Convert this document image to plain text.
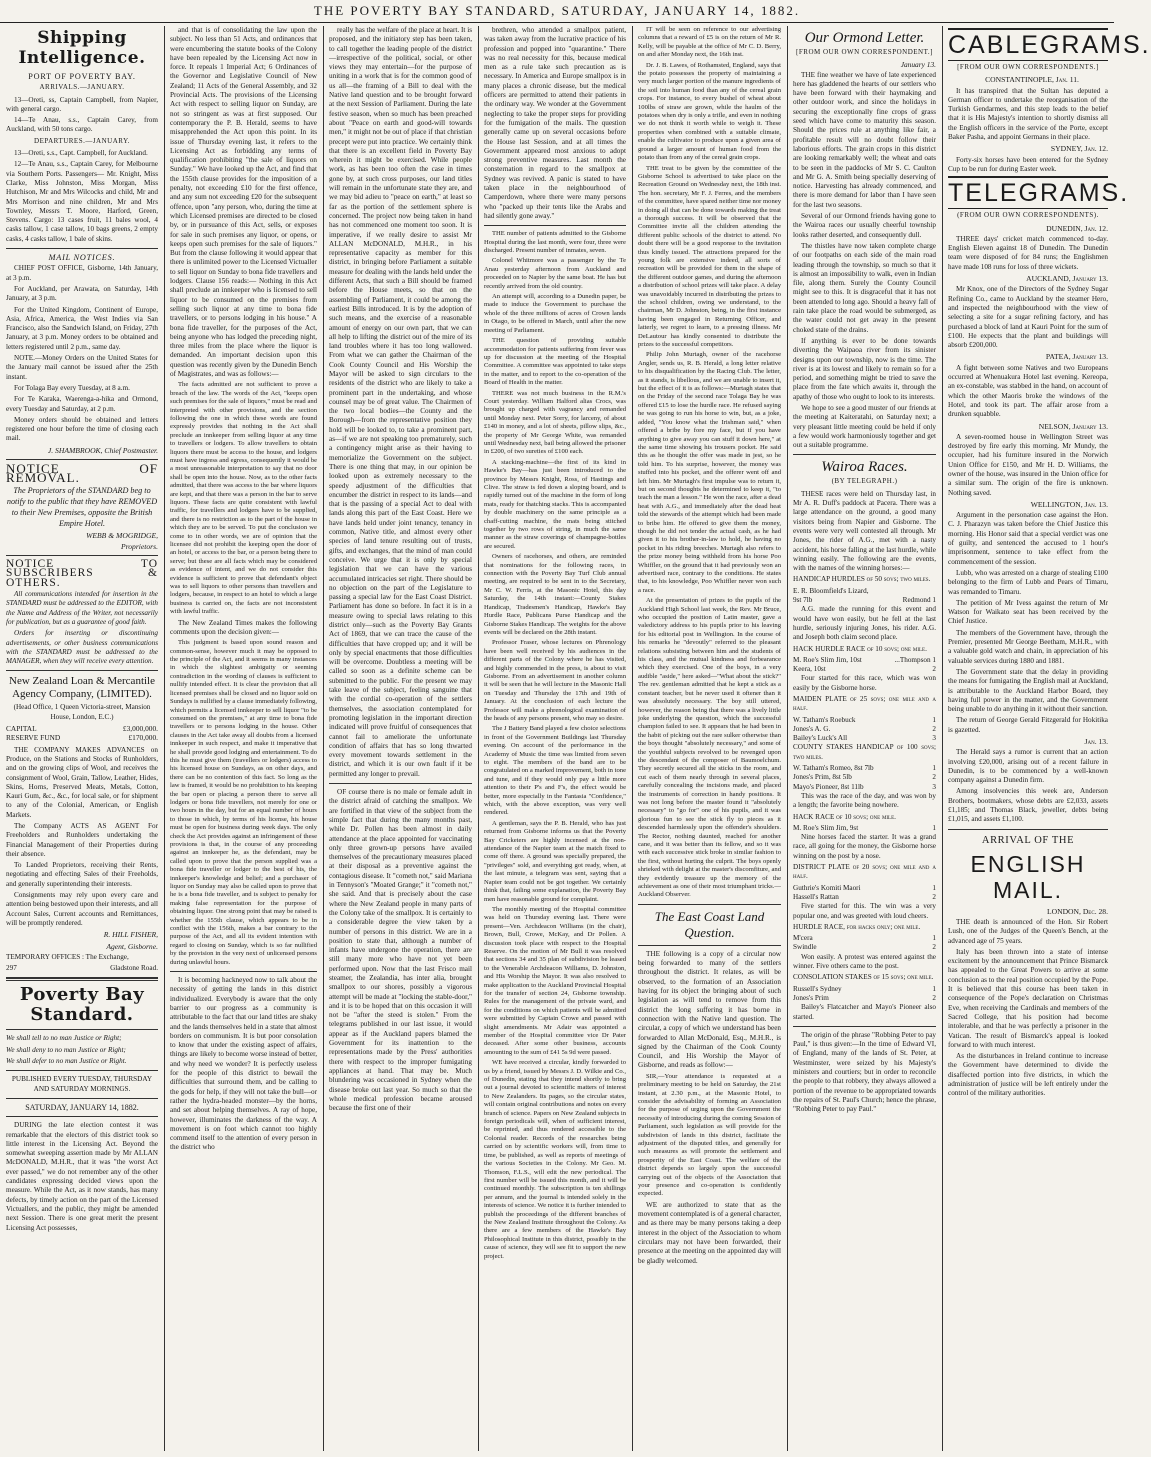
THE POVERTY BAY STANDARD, SATURDAY, JANUARY 14, 1882.
Shipping Intelligence.
PORT OF POVERTY BAY.
ARRIVALS.—JANUARY.

13—Oreti, ss, Captain Campbell, from Napier, with general cargo.

14—Te Anau, s.s., Captain Carey, from Auckland, with 50 tons cargo.

DEPARTURES.—JANUARY.

13—Oreti, s.s., Capt. Campbell, for Auckland.

12—Te Anau, s.s., Captain Carey, for Melbourne via Southern Ports. Passengers— Mr. Knight, Miss Clarke, Miss Johnston, Miss Morgan, Miss Hutchison, Mr and Mrs Wilcocks and child, Mr and Mrs Morrison and nine children, Mr and Mrs Townley, Messrs T. Moore, Harford, Green, Stevens. Cargo: 13 cases fruit, 11 bales wool, 4 casks tallow, 1 case tallow, 10 bags greens, 2 empty casks, 4 casks tallow, 1 bale of skins.

MAIL NOTICES.

CHIEF POST OFFICE, Gisborne, 14th January, at 3 p.m.

For Auckland, per Arawata, on Saturday, 14th January, at 3 p.m.

For the United Kingdom, Continent of Europe, Asia, Africa, America, the West Indies via San Francisco, also the Sandwich Island, on Friday, 27th January, at 3 p.m. Money orders to be obtained and letters registered until 2 p.m., same day.

NOTE.—Money Orders on the United States for the January mail cannot be issued after the 25th instant.

For Tolaga Bay every Tuesday, at 8 a.m.

For Te Karaka, Waerenga-a-hika and Ormond, every Tuesday and Saturday, at 2 p.m.

Money orders should be obtained and letters registered one hour before the time of closing each mail.

J. SHAMBROOK, Chief Postmaster.
NOTICE OF REMOVAL.
The Proprietors of the STANDARD beg to notify to the public that they have REMOVED to their New Premises, opposite the British Empire Hotel.
WEBB & MOGRIDGE,
Proprietors.
NOTICE TO SUBSCRIBERS & OTHERS.

All communications intended for insertion in the STANDARD must be addressed to the EDITOR, with the Name and Address of the Writer, not necessarily for publication, but as a guarantee of good faith.

Orders for inserting or discontinuing advertisements, or other business communications with the STANDARD must be addressed to the MANAGER, when they will receive every attention.

New Zealand Loan & Mercantile Agency Company, (LIMITED).

(Head Office, 1 Queen Victoria-street, Mansion House, London, E.C.)

CAPITAL	£3,000,000.
RESERVE FUND	£170,000.

THE COMPANY MAKES ADVANCES on Produce, on the Stations and Stocks of Runholders, and on the growing clips of Wool, and receives the consignment of Wool, Grain, Tallow, Leather, Hides, Skins, Horns, Preserved Meats, Metals, Cotton, Kauri Gum, &c., &c., for local sale, or for shipment to any of the Colonial, American, or English Markets.

The Company ACTS AS AGENT For Freeholders and Runholders undertaking the Financial Management of their Properties during their absence.

To Landed Proprietors, receiving their Rents, negotiating and effecting Sales of their Freeholds, and generally superintending their interests.

Consignments may rely upon every care and attention being bestowed upon their interests, and all Account Sales, Current accounts and Remittances, will be promptly rendered.

R. HILL FISHER,
Agent, Gisborne.

TEMPORARY OFFICES : The Exchange,

297	Gladstone Road.
Poverty Bay Standard.

We shall tell to no man Justice or Right;

We shall deny to no man Justice or Right;

We shall defer to no man Justice or Right.

PUBLISHED EVERY TUESDAY, THURSDAY AND SATURDAY MORNINGS.

SATURDAY, JANUARY 14, 1882.

DURING the late election contest it was remarkable that the electors of this district took so little interest in the Licensing Act. Beyond the somewhat sweeping assertion made by Mr ALLAN McDONALD, M.H.R., that it was "the worst Act ever passed," we do not remember any of the other candidates expressing decided views upon the measure. While the Act, as it now stands, has many defects, by timely action on the part of the Licensed Victuallers, and the public, they might be amended next Session. There is one great merit the present Licensing Act possesses,

and that is of consolidating the law upon the subject. No less than 51 Acts, and ordinances that were encumbering the statute books of the Colony have been repealed by the Licensing Act now in force. It repeals 1 Imperial Act; 6 Ordinances of the Governor and Legislative Council of New Zealand; 11 Acts of the General Assembly, and 32 Provincial Acts. The provisions of the Licensing Act with respect to selling liquor on Sunday, are not so stringent as was at first supposed. Our contemporary the P. B. Herald, seems to have misapprehended the Act upon this point. In its issue of Thursday evening last, it refers to the Licensing Act as forbidding any terms of qualification prohibiting "the sale of liquors on Sunday." We have looked up the Act, and find that the 155th clause provides for the imposition of a penalty, not exceeding £10 for the first offence, and any sum not exceeding £20 for the subsequent offence, upon "any person, who, during the time at which Licensed premises are directed to be closed by, or in pursuance of this Act, sells, or exposes for sale in such premises any liquor, or opens, or keeps open such premises for the sale of liquors." But from the clause following it would appear that there is unlimited power to the Licensed Victualler to sell liquor on Sunday to bona fide travellers and lodgers. Clause 156 reads:— Nothing in this Act shall preclude an innkeeper who is licensed to sell liquor to be consumed on the premises from selling such liquor at any time to bona fide travellers, or to persons lodging in his house." A bona fide traveller, for the purposes of the Act, being anyone who has lodged the preceding night, three miles from the place where the liquor is demanded. An important decision upon this question was recently given by the Dunedin Bench of Magistrates, and was as follows:—

The facts admitted are not sufficient to prove a breach of the law. The words of the Act, "keeps open such premises for the sale of liquors," must be read and interpreted with other provisions, and the section following the one in which these words are found expressly provides that nothing in the Act shall preclude an innkeeper from selling liquor at any time to travellers or lodgers. To allow travellers to obtain liquors there must be access to the house, and lodgers must have ingress and egress, consequently it would be a most unreasonable interpretation to say that no door shall be open into the house. Now, as to the other facts admitted, that there was access to the bar where liquors are kept, and that there was a person in the bar to serve liquors. These facts are quite consistent with lawful traffic, for travellers and lodgers have to be supplied, and there is no restriction as to the part of the house in which they are to be served. To put the conclusion we come to in other words, we are of opinion that the licensee did not prohibit the keeping open the door of an hotel, or access to the bar, or a person being there to serve; but these are all facts which may be considered as evidence of intent, and we do not consider this evidence is sufficient to prove that defendant's object was to sell liquors to other persons than travellers and lodgers, because, in respect to an hotel to which a large business is carried on, the facts are not inconsistent with lawful traffic.

The New Zealand Times makes the following comments upon the decision given:—

This judgment is based upon sound reason and common-sense, however much it may be opposed to the principle of the Act, and it seems in many instances in which the slightest ambiguity or seeming contradiction in the wording of clauses is sufficient to nullify intended effect. It is clear the provision that all licensed premises shall be closed and no liquor sold on Sundays is nullified by a clause immediately following, which permits a licensed innkeeper to sell liquor "to be consumed on the premises," at any time to bona fide travellers or to persons lodging in the house. Other clauses in the Act take away all doubts from a licensed innkeeper in such respect, and make it imperative that he shall provide good lodging and entertainment. To do this he must give them (travellers or lodgers) access to his licensed house on Sundays, as on other days, and there can be no contention of this fact. So long as the law is framed, it would be no prohibition to his keeping the bar open or placing a person there to serve all lodgers or bona fide travellers, not merely for one or two hours in the day, but for an equal number of hours to those in which, by terms of his license, his house must be open for business during week days. The only check the Act provides against an infringement of these provisions is that, in the course of any proceeding against an innkeeper he, as the defendant, may be called upon to prove that the person supplied was a bona fide traveller or lodger to the best of his, the innkeeper's knowledge and belief; and a purchaser of liquor on Sunday may also be called upon to prove that he is a bona fide traveller, and is subject to penalty for making false representation for the purpose of obtaining liquor. One strong point that may be raised is whether the 155th clause, which appears to be in conflict with the 156th, makes a bar contrary to the purpose of the Act, and all its evident intention with regard to closing on Sunday, which is so far nullified by the provision in the very next of unlicensed persons during unlawful hours.

It is becoming hackneyed now to talk about the necessity of getting the lands in this district individualized. Everybody is aware that the only barrier to our progress as a community is attributable to the fact that our land titles are shaky and the lands themselves held in a state that almost borders on communism. It is but poor consolation to know that under the existing aspect of affairs, things are likely to become worse instead of better, and why need we wonder? It is perfectly useless for the people of this district to bewail the difficulties that surround them, and be calling to the gods for help, if they will not take the bull—or rather the hydra-headed monster—by the horns, and set about helping themselves. A ray of hope, however, illuminates the darkness of the way. A movement is on foot which cannot too highly commend itself to the attention of every person in the district who

really has the welfare of the place at heart. It is proposed, and the initiatory step has been taken, to call together the leading people of the district—irrespective of the political, social, or other views they may entertain—for the purpose of uniting in a work that is for the common good of us all—the framing of a Bill to deal with the Native land question and to be brought forward at the next Session of Parliament. During the late festive season, when so much has been preached about "Peace on earth and good-will towards men," it might not be out of place if that christian precept were put into practice. We certainly think that there is an excellent field in Poverty Bay wherein it might be exercised. While people work, as has been too often the case in times gone by, at such cross purposes, our land titles will remain in the unfortunate state they are, and we may bid adieu to "peace on earth," at least so far as the portion of the settlement sphere is concerned. The project now being taken in hand has not commenced one moment too soon. It is imperative, if we really desire to assist Mr ALLAN McDONALD, M.H.R., in his representative capacity as member for this district, in bringing before Parliament a suitable measure for dealing with the lands held under the different Acts, that such a Bill should be framed before the House meets, so that on the assembling of Parliament, it could be among the earliest Bills introduced. It is by the adoption of such means, and the exercise of a reasonable amount of energy on our own part, that we can all help to lifting the district out of the mire of its land troubles where it has too long wallowed. From what we can gather the Chairman of the Cook County Council and His Worship the Mayor will be asked to sign circulars to the residents of the district who are likely to take a prominent part in the undertaking, and whose counsel may be of great value. The Chairmen of the two local bodies—the County and the Borough—from the representative position they hold will be looked to, to take a prominent part, as—if we are not speaking too prematurely, such a contingency might arise as their having to memorialize the Government on the subject. There is one thing that may, in our opinion be looked upon as extremely necessary to the speedy adjustment of the difficulties that encumber the district in respect to its lands—and that is the passing of a special Act to deal with lands along this part of the East Coast. Here we have lands held under joint tenancy, tenancy in common, Native title, and almost every other species of land tenure resulting out of trusts, gifts, and exchanges, that the mind of man could conceive. We urge that it is only by special legislation that we can have the various accumulated intricacies set right. There should be no objection on the part of the Legislature to passing a special law for the East Coast District. Parliament has done so before. In fact it is in a measure owing to special laws relating to this district only—such as the Poverty Bay Grants Act of 1869, that we can trace the cause of the difficulties that have cropped up; and it will be only by special enactments that those difficulties will be overcome. Doubtless a meeting will be called so soon as a definite scheme can be submitted to the public. For the present we may take leave of the subject, feeling sanguine that with the cordial co-operation of the settlers themselves, the association contemplated for promoting legislation in the important direction indicated will prove fruitful of consequences that cannot fail to ameliorate the unfortunate condition of affairs that has so long thwarted every movement towards settlement in the district, and which it is our own fault if it be permitted any longer to prevail.

OF course there is no male or female adult in the district afraid of catching the smallpox. We are fortified in that view of the subject from the simple fact that during the many months past, while Dr. Pollen has been almost in daily attendance at the place appointed for vaccinating only three grown-up persons have availed themselves of the precautionary measures placed at their disposal as a preventive against the contagious disease. It "cometh not," said Mariana in Tennyson's "Moated Grange;" it "cometh not," she said. And that is precisely about the case where the New Zealand people in many parts of the Colony take of the smallpox. It is certainly to a considerable degree the view taken by a number of persons in this district. We are in a position to state that, although a number of infants have undergone the operation, there are still many more who have not yet been performed upon. Now that the last Frisco mail steamer, the Zealandia, has inter alia, brought smallpox to our shores, possibly a vigorous attempt will be made at "locking the stable-door," and it is to be hoped that on this occasion it will not be "after the steed is stolen." From the telegrams published in our last issue, it would appear as if the Auckland papers blamed the Government for its inattention to the representations made by the Press' authorities there with respect to the improper fumigating appliances at hand. That may be. Much blundering was occasioned in Sydney when the disease broke out last year. So much so that the whole medical profession became aroused because the first one of their

brethren, who attended a smallpox patient, was taken away from the lucrative practice of his profession and popped into "quarantine." There was no real necessity for this, because medical men as a rule take such precaution as is necessary. In America and Europe smallpox is in many places a chronic disease, but the medical officers are permitted to attend their patients in the ordinary way. We wonder at the Government neglecting to take the proper steps for providing for the fumigation of the mails. The question generally came up on several occasions before the House last Session, and at all times the Government appeared most anxious to adopt strong preventive measures. Last month the consternation in regard to the smallpox at Sydney was revived. A panic is stated to have taken place in the neighbourhood of Camperdown, where there were many persons who "packed up their tents like the Arabs and had silently gone away."

THE number of patients admitted to the Gisborne Hospital during the last month, were four, three were discharged. Present number of inmates, seven.

Colonel Whitmore was a passenger by the Te Anau yesterday afternoon from Auckland and proceeded on to Napier by the same boat. He has but recently arrived from the old country.

An attempt will, according to a Dunedin paper, be made to induce the Government to purchase the whole of the three millions of acres of Crown lands in Otago, to be offered in March, until after the new meeting of Parliament.

THE question of providing suitable accommodation for patients suffering from fever was up for discussion at the meeting of the Hospital Committee. A committee was appointed to take steps in the matter, and to report to the co-operation of the Board of Health in the matter.

THERE was not much business in the R.M.'s Court yesterday. William Halford alias Crocs, was brought up charged with vagrancy and remanded until Monday next. Peter Sorry, for larceny, of about £140 in money, and a lot of sheets, pillow slips, &c., the property of Mr George White, was remanded until Wednesday next, bail being allowed the prisoner in £200, of two sureties of £100 each.

A stacking-machine—the first of its kind in Hawke's Bay—has just been introduced to the province by Messrs Knight, Ross, of Hastings and Clive. The straw is fed down a sloping board, and is rapidly turned out of the machine in the form of long mats, ready for thatching stacks. This is accompanied by double machinery on the same principle as a chaff-cutting machine, the mats being stitched together by two rows of string, in much the same manner as the straw coverings of champagne-bottles are secured.

Owners of racehorses, and others, are reminded that nominations for the following races, in connection with the Poverty Bay Turf Club annual meeting, are required to be sent in to the Secretary, Mr C. W. Ferris, at the Masonic Hotel, this day Saturday, the 14th instant:—County Stakes Handicap, Tradesmen's Handicap, Hawke's Bay Hurdle Race, Publicans Purse Handicap and the Gisborne Stakes Handicap. The weights for the above events will be declared on the 28th instant.

Professor Fraser, whose lectures on Phrenology have been well received by his audiences in the different parts of the Colony where he has visited, and highly commended in the press, is about to visit Gisborne. From an advertisement in another column it will be seen that he will lecture in the Masonic Hall on Tuesday and Thursday the 17th and 19th of January. At the conclusion of each lecture the Professor will make a phrenological examination of the heads of any persons present, who may so desire.

The J Battery Band played a few choice selections in front of the Government Buildings last Thursday evening. On account of the performance in the Academy of Music the time was limited from seven to eight. The members of the band are to be congratulated on a marked improvement, both in tone and tune, and if they would only pay a little more attention to their P's and F's, the effect would be better, more especially in the Fantasia "Confidence," which, with the above exception, was very well rendered.

A gentleman, says the P. B. Herald, who has just returned from Gisborne informs us that the Poverty Bay Cricketers are highly incensed at the non-attendance of the Napier team at the match fixed to come off there. A ground was specially prepared, the "privileges" sold, and everything got ready, when, at the last minute, a telegram was sent, saying that a Napier team could not be got together. We certainly think that, failing some explanation, the Poverty Bay men have reasonable ground for complaint.

The monthly meeting of the Hospital committee was held on Thursday evening last. There were present—Ven. Archdeacon Williams (in the chair), Brown, Bull, Crowe, McKay, and Dr Pollen. A discussion took place with respect to the Hospital Reserve. On the motion of Mr Bull it was resolved that sections 34 and 35 plan of subdivision be leased to the Venerable Archdeacon Williams, D. Johnston, and His Worship the Mayor. It was also resolved to make application to the Auckland Provincial Hospital for the transfer of section 24, Gisborne township. Rules for the management of the private ward, and for the conditions on which patients will be admitted were submitted by Captain Crowe and passed with slight amendments. Mr Adair was appointed a member of the Hospital committee vice Dr Pater deceased. After some other business, accounts amounting to the sum of £41 5s 9d were passed.

WE have received a circular, kindly forwarded to us by a friend, issued by Messrs J. D. Wilkie and Co., of Dunedin, stating that they intend shortly to bring out a journal devoted to scientific matters of interest to New Zealanders. Its pages, so the circular states, will contain original contributions and notes on every branch of science. Papers on New Zealand subjects in foreign periodicals will, when of sufficient interest, be reprinted, and thus rendered accessible to the Colonial reader. Records of the researches being carried on by scientific workers will, from time to time, be published, as well as reports of meetings of the various Societies in the Colony. Mr Geo. M. Thomson, F.L.S., will edit the new periodical. The first number will be issued this month, and it will be continued monthly. The subscription is ten shillings per annum, and the journal is intended solely in the interests of science. We notice it is further intended to publish the proceedings of the different branches of the New Zealand Institute throughout the Colony. As there are a few members of the Hawke's Bay Philosophical Institute in this district, possibly in the cause of science, they will see fit to support the new project.

IT will be seen on reference to our advertising columns that a reward of £5 is on the return of Mr R. Kelly, will be payable at the office of Mr C. D. Berry, on and after Monday next, the 16th inst.

Dr. J. B. Lawes, of Rothamsted, England, says that the potato possesses the property of maintaining a very much larger portion of the manure ingredients of the soil into human food than any of the cereal grain crops. For instance, to every bushel of wheat about 100lbs of straw are grown, while the haulm of the potatoes when dry is only a trifle, and even in nothing we do not think it worth while to weigh it. These properties when combined with a suitable climate, enable the cultivator to produce upon a given area of ground a larger amount of human food from the potato than from any of the cereal grain crops.

THE treat to be given by the committee of the Gisborne School is advertised to take place on the Recreation Ground on Wednesday next, the 18th inst. The hon. secretary, Mr F. J. Ferres, and the members of the committee, have spared neither time nor money in doing all that can be done towards making the treat a thorough success. It will be observed that the Committee invite all the children attending the different public schools of the district to attend. No doubt there will be a good response to the invitation thus kindly issued. The attractions prepared for the young folk are extensive indeed, all sorts of recreation will be provided for them in the shape of the different outdoor games, and during the afternoon a distribution of school prizes will take place. A delay was unavoidably incurred in distributing the prizes to the school children, owing we understand, to the chairman, Mr D. Johnston, being, in the first instance having been engaged in Returning Officer, and latterly, we regret to learn, to a pressing illness. Mr DeLautour has kindly consented to distribute the prizes to the successful competitors.

Philip John Murtagh, owner of the racehorse Angler, sends us, R. B. Herald, a long letter relative to his disqualification by the Racing Club. The letter, as it stands, is libellous, and we are unable to insert it, but the effect of it is as follows:—Murtagh states that on the Friday of the second race Tolaga Bay he was offered £15 to lose the hurdle race. He refused saying he was going to run his horse to win, but, as a joke, added, "You know what the Irishman said," when offered a bribe by fore my face, but if you have anything to give away you can stuff it down here," at the same time showing his trousers pocket. He said this as he thought the offer was made in jest, so he told him. To his surprise, however, the money was stuffed into his pocket, and the offerer went off and left him. Mr Murtagh's first impulse was to return it, but on second thoughts he determined to keep it, "to teach the man a lesson." He won the race, after a dead heat with A.G., and immediately after the dead heat told the stewards of the attempt which had been made to bribe him. He offered to give them the money, though he did not tender the actual cash, as he had given it to his brother-in-law to hold, he having no pocket in his riding breeches. Murtagh also refers to the prize money being withheld from his horse Poo Whiffler, on the ground that it had previously won an advertised race, contrary to the conditions. He states that, to his knowledge, Poo Whiffler never won such a race.

At the presentation of prizes to the pupils of the Auckland High School last week, the Rev. Mr Bruce, who occupied the position of Latin master, gave a valedictory address to his pupils prior to his leaving for his editorial post in Wellington. In the course of his remarks he "devoutly" referred to the pleasant relations subsisting between him and the students of his class, and the mutual kindness and forbearance which they exercised. One of the boys, in a very audible "aside," here asked—"What about the stick?" The rev. gentleman admitted that he kept a stick as a constant teacher, but he never used it oftener than it was absolutely necessary. The boy still uttered, however, the reason being that there was a lively little joke underlying the question, which the successful champion failed to see. It appears that he had been in the habit of picking out the rare sulker otherwise than the boys thought "absolutely necessary," and some of the youthful subjects revolved to be revenged upon the descendant of the composer of Baumoelchum. They secretly secured all the sticks in the room, and cut each of them nearly through in several places, carefully concealing the incisions made, and placed the instruments of correction in handy positions. It was not long before the master found it "absolutely necessary" to "go for" one of his pupils, and it was glorious fun to see the stick fly to pieces as it descended harmlessly upon the offender's shoulders. The Rector, nothing daunted, reached for another cane, and it was better than its fellow, and so it was with each successive stick broke in similar fashion to the first, without hurting the culprit. The boys openly shrieked with delight at the master's discomfiture, and they evidently treasure up the memory of the achievement as one of their most triumphant tricks.—Auckland Observer.

The East Coast Land Question.

THE following is a copy of a circular now being forwarded to many of the settlers throughout the district. It relates, as will be observed, to the formation of an Association having for its object the bringing about of such legislation as will tend to remove from this district the long suffering it has borne in connection with the Native land question. The circular, a copy of which we understand has been forwarded to Allan McDonald, Esq., M.H.R., is signed by the Chairman of the Cook County Council, and His Worship the Mayor of Gisborne, and reads as follow:—

SIR,—Your attendance is requested at a preliminary meeting to be held on Saturday, the 21st instant, at 2.30 p.m., at the Masonic Hotel, to consider the advisability of forming an Association for the purpose of urging upon the Government the necessity of introducing during the coming Session of Parliament, such legislation as will provide for the subdivision of lands in this district, facilitate the adjustment of the disputed titles, and generally for such measures as will promote the settlement and prosperity of the East Coast. The welfare of the district depends so largely upon the successful carrying out of the objects of the Association that your presence and co-operation is confidently expected.

WE are authorized to state that as the movement contemplated is of a general character, and as there may be many persons taking a deep interest in the object of the Association to whom circulars may not have been forwarded, their presence at the meeting on the appointed day will be gladly welcomed.

Our Ormond Letter.
[FROM OUR OWN CORRESPONDENT.]
January 13.

THE fine weather we have of late experienced here has gladdened the hearts of our settlers who have been forward with their haymaking and other outdoor work, and since the holidays in securing the exceptionally fine crops of grass seed which have come to maturity this season. Should the prices rule at anything like fair, a profitable result will no doubt follow their laborious efforts. The grain crops in this district are looking remarkably well; the wheat and oats to be seen in the paddocks of Mr S. C. Caulton and Mr G. A. Smith being specially deserving of notice. Harvesting has already commenced, and there is more demand for labor than I have seen for the last two seasons.

Several of our Ormond friends having gone to the Wairoa races our usually cheerful township looks rather deserted, and consequently dull.

The thistles have now taken complete charge of our footpaths on each side of the main road leading through the township, so much so that it is almost an impossibility to walk, even in Indian file, along them. Surely the County Council might see to this. It is disgraceful that it has not been attended to long ago. Should a heavy fall of rain take place the road would be submerged, as the water could not get away in the present choked state of the drains.

If anything is ever to be done towards diverting the Waipaoa river from its sinister designs upon our township, now is the time. The river is at its lowest and likely to remain so for a period, and something might be tried to save the place from the fate which awaits it, through the apathy of those who ought to look to its interests.

We hope to see a good muster of our friends at the meeting at Kaiteratahi, on Saturday next; a very pleasant little meeting could be held if only a few would work harmoniously together and get out a suitable programme.

Wairoa Races.
(BY TELEGRAPH.)

THESE races were held on Thursday last, in Mr A. R. Duff's paddock at Pacera. There was a large attendance on the ground, a good many visitors being from Napier and Gisborne. The events were very well contested all through. Mr Jones, the rider of A.G., met with a nasty accident, his horse falling at the last hurdle, while winning easily. The following are the events, with the names of the winning horses:—

HANDICAP HURDLES of 50 sovs; two miles.

E. R. Bloomfield's Lizard,	
9st 7lb	Redmond 1

A.G. made the running for this event and would have won easily, but he fell at the last hurdle, seriously injuring Jones, his rider. A.G. and Joseph both claim second place.

HACK HURDLE RACE of 10 sovs; one mile.

M. Roe's Slim Jim, 10st	...Thompson 1
Keera, 10st	2

Four started for this race, which was won easily by the Gisborne horse.

MAIDEN PLATE of 25 sovs; one mile and a half.

W. Tatham's Roebuck	1
Jones's A. G.	2
Bailey's Luck's All	3

COUNTY STAKES HANDICAP of 100 sovs; two miles.

W. Tatham's Romeo, 8st 7lb	1
Jones's Prim, 8st 5lb	2
Mayo's Pioneer, 8st 11lb	3

This was the race of the day, and was won by a length; the favorite being nowhere.

HACK RACE of 10 sovs; one mile.

M. Roe's Slim Jim, 9st	1

Nine horses faced the starter. It was a grand race, all going for the money, the Gisborne horse winning on the post by a nose.

DISTRICT PLATE of 20 sovs; one mile and a half.

Guthrie's Komiti Maori	1
Hassell's Rattan	2

Five started for this. The win was a very popular one, and was greeted with loud cheers.

HURDLE RACE, for hacks only; one mile.

M'cera	1
Swindle	2

Won easily. A protest was entered against the winner. Five others came to the post.

CONSOLATION STAKES of 15 sovs; one mile.

Russell's Sydney	1
Jones's Prim	2

Bailey's Flatcatcher and Mayo's Pioneer also started.

The origin of the phrase "Robbing Peter to pay Paul," is thus given:—In the time of Edward VI, of England, many of the lands of St. Peter, at Westminster, were seized by his Majesty's ministers and courtiers; but in order to reconcile the people to that robbery, they always allowed a portion of the revenue to be appropriated towards the repairs of St. Paul's Church; hence the phrase, "Robbing Peter to pay Paul."

CABLEGRAMS.
[FROM OUR OWN CORRESPONDENTS.]

CONSTANTINOPLE, Jan. 11.

It has transpired that the Sultan has deputed a German officer to undertake the reorganisation of the Turkish Gendarmes, and this step leads to the belief that it is His Majesty's intention to shortly dismiss all the English officers in the service of the Porte, except Baker Pasha, and appoint Germans in their place.

SYDNEY, Jan. 12.

Forty-six horses have been entered for the Sydney Cup to be run for during Easter week.

TELEGRAMS.
(FROM OUR OWN CORRESPONDENTS).

DUNEDIN, Jan. 12.

THREE days' cricket match commenced to-day. English Eleven against 18 of Dunedin. The Dunedin team were disposed of for 84 runs; the Englishmen have made 108 runs for loss of three wickets.

AUCKLAND, January 13.

Mr Knox, one of the Directors of the Sydney Sugar Refining Co., came to Auckland by the steamer Hero, and inspected the neighbourhood with the view of selecting a site for a sugar refining factory, and has purchased a block of land at Kauri Point for the sum of £100. He expects that the plant and buildings will absorb £200,000.

PATEA, January 13.

A fight between some Natives and two Europeans occurred at Whenuakura Hotel last evening. Kereopa, an ex-constable, was stabbed in the hand, on account of which the other Maoris broke the windows of the Hotel, and took its part. The affair arose from a drunken squabble.

NELSON, January 13.

A seven-roomed house in Wellington Street was destroyed by fire early this morning. Mr Mundy, the occupier, had his furniture insured in the Norwich Union Office for £150, and Mr H. D. Williams, the owner of the house, was insured in the Union office for a similar sum. The origin of the fire is unknown. Nothing saved.

WELLINGTON, Jan. 13.

Argument in the personation case against the Hon. C. J. Pharazyn was taken before the Chief Justice this morning. His Honor said that a special verdict was one of guilty, and sentenced the accused to 1 hour's imprisonment, sentence to take effect from the commencement of the session.

Lubb, who was arrested on a charge of stealing £100 belonging to the firm of Lubb and Pears of Timaru, was remanded to Timaru.

The petition of Mr Ivess against the return of Mr Watson for Waikato seat has been received by the Chief Justice.

The members of the Government have, through the Premier, presented Mr George Beetham, M.H.R., with a valuable gold watch and chain, in appreciation of his valuable services during 1880 and 1881.

The Government state that the delay in providing the means for fumigating the English mail at Auckland, is attributable to the Auckland Harbor Board, they having full power in the matter, and the Government being unable to do anything in it without their sanction.

The return of George Gerald Fitzgerald for Hokitika is gazetted.

Jan. 13.

The Herald says a rumor is current that an action involving £20,000, arising out of a recent failure in Dunedin, is to be commenced by a well-known company against a Dunedin firm.

Among insolvencies this week are, Anderson Brothers, bootmakers, whose debts are £2,033, assets £1,185; and Thomas Black, jeweller, debts being £1,015, and assets £1,100.

ARRIVAL OF THE
ENGLISH MAIL.

LONDON, Dec. 28.

THE death is announced of the Hon. Sir Robert Lush, one of the Judges of the Queen's Bench, at the advanced age of 75 years.

Italy has been thrown into a state of intense excitement by the announcement that Prince Bismarck has appealed to the Great Powers to arrive at some conclusion as to the real position occupied by the Pope. It is believed that this course has been taken in consequence of the Pope's declaration on Christmas Eve, when receiving the Cardinals and members of the Sacred College, that his position had become intolerable, and that he was perfectly a prisoner in the Vatican. The result of Bismarck's appeal is looked forward to with much interest.

As the disturbances in Ireland continue to increase the Government have determined to divide the disaffected portion into five districts, in which the administration of justice will be left entirely under the control of the military authorities.
